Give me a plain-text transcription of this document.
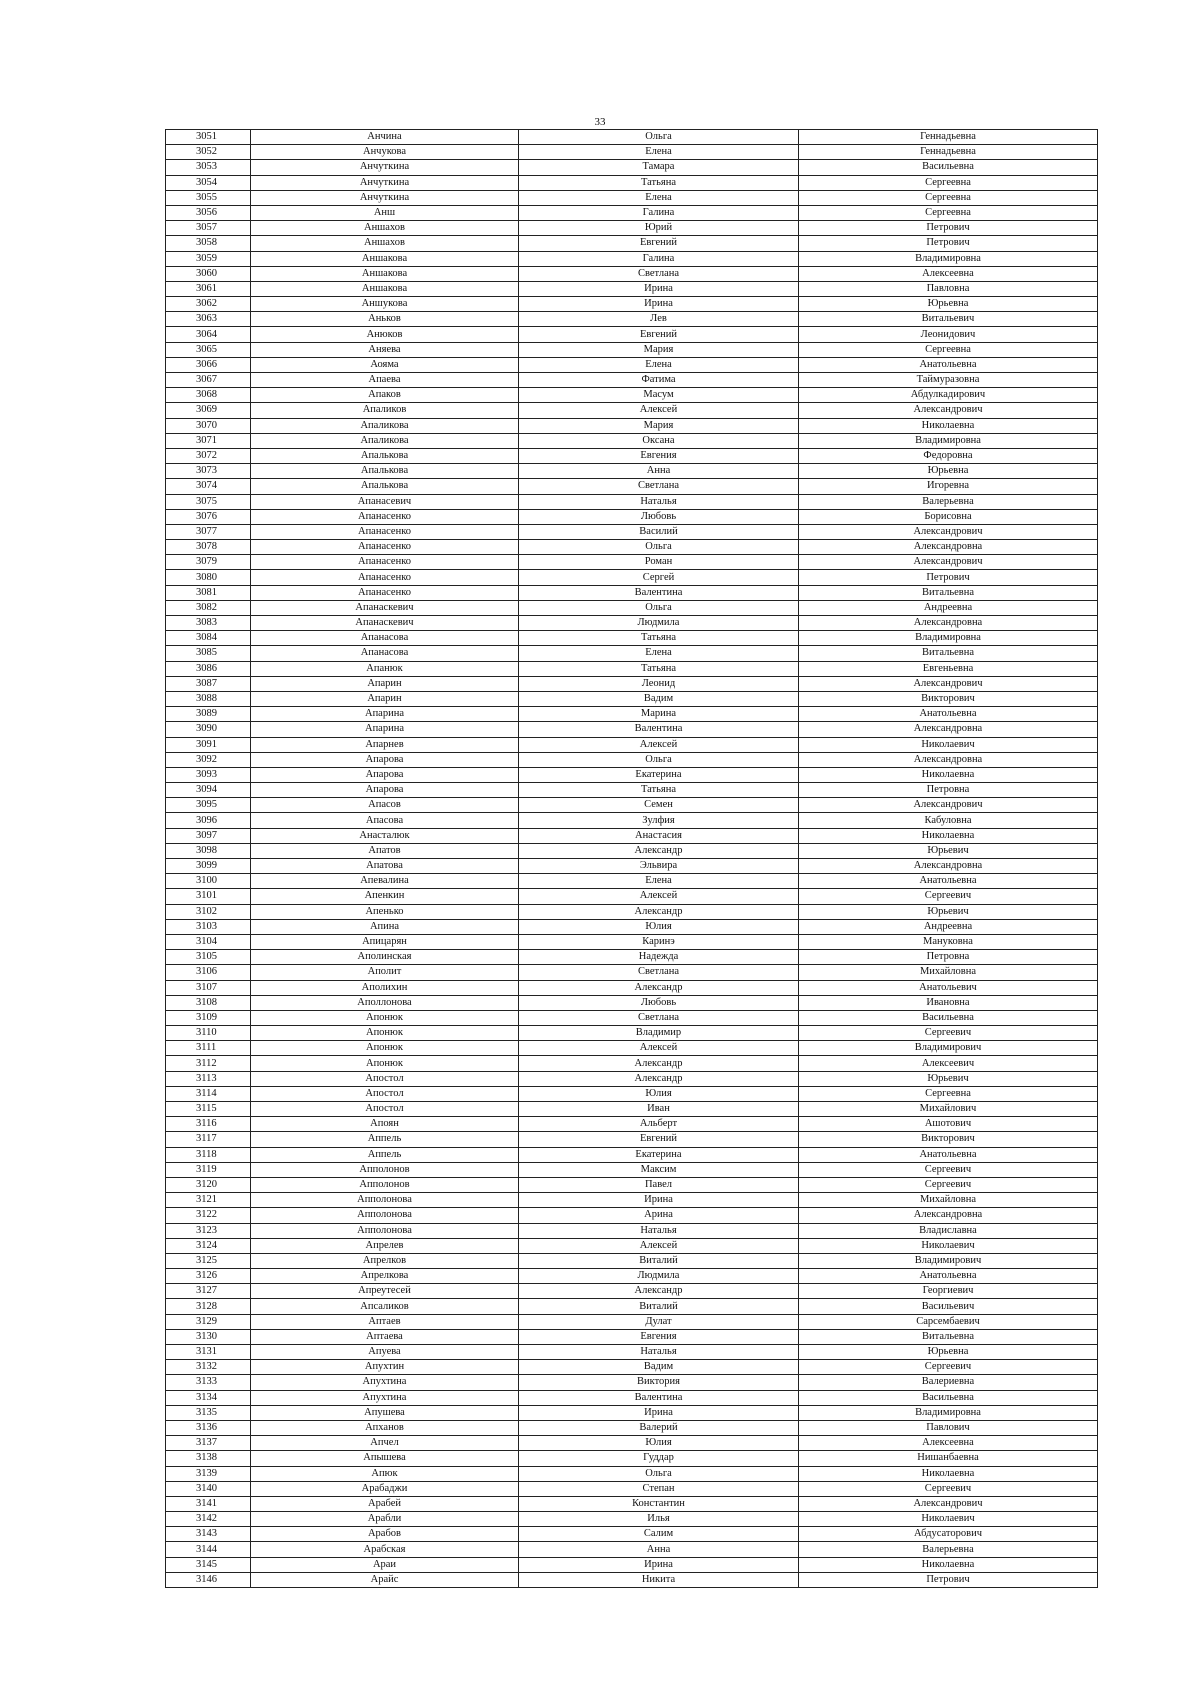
33
3051	Анчина	Ольга	Геннадьевна
3052	Анчукова	Елена	Геннадьевна
3053	Анчуткина	Тамара	Васильевна
3054	Анчуткина	Татьяна	Сергеевна
3055	Анчуткина	Елена	Сергеевна
3056	Анш	Галина	Сергеевна
3057	Аншахов	Юрий	Петрович
3058	Аншахов	Евгений	Петрович
3059	Аншакова	Галина	Владимировна
3060	Аншакова	Светлана	Алексеевна
3061	Аншакова	Ирина	Павловна
3062	Аншукова	Ирина	Юрьевна
3063	Аньков	Лев	Витальевич
3064	Анюков	Евгений	Леонидович
3065	Аняева	Мария	Сергеевна
3066	Аояма	Елена	Анатольевна
3067	Апаева	Фатима	Таймуразовна
3068	Апаков	Масум	Абдулкадирович
3069	Апаликов	Алексей	Александрович
3070	Апаликова	Мария	Николаевна
3071	Апаликова	Оксана	Владимировна
3072	Апалькова	Евгения	Федоровна
3073	Апалькова	Анна	Юрьевна
3074	Апалькова	Светлана	Игоревна
3075	Апанасевич	Наталья	Валерьевна
3076	Апанасенко	Любовь	Борисовна
3077	Апанасенко	Василий	Александрович
3078	Апанасенко	Ольга	Александровна
3079	Апанасенко	Роман	Александрович
3080	Апанасенко	Сергей	Петрович
3081	Апанасенко	Валентина	Витальевна
3082	Апанаскевич	Ольга	Андреевна
3083	Апанаскевич	Людмила	Александровна
3084	Апанасова	Татьяна	Владимировна
3085	Апанасова	Елена	Витальевна
3086	Апанюк	Татьяна	Евгеньевна
3087	Апарин	Леонид	Александрович
3088	Апарин	Вадим	Викторович
3089	Апарина	Марина	Анатольевна
3090	Апарина	Валентина	Александровна
3091	Апарнев	Алексей	Николаевич
3092	Апарова	Ольга	Александровна
3093	Апарова	Екатерина	Николаевна
3094	Апарова	Татьяна	Петровна
3095	Апасов	Семен	Александрович
3096	Апасова	Зулфия	Кабуловна
3097	Анасталюк	Анастасия	Николаевна
3098	Апатов	Александр	Юрьевич
3099	Апатова	Эльвира	Александровна
3100	Апевалина	Елена	Анатольевна
3101	Апенкин	Алексей	Сергеевич
3102	Апенько	Александр	Юрьевич
3103	Апина	Юлия	Андреевна
3104	Апицарян	Каринэ	Мануковна
3105	Аполинская	Надежда	Петровна
3106	Аполит	Светлана	Михайловна
3107	Аполихин	Александр	Анатольевич
3108	Аполлонова	Любовь	Ивановна
3109	Апонюк	Светлана	Васильевна
3110	Апонюк	Владимир	Сергеевич
3111	Апонюк	Алексей	Владимирович
3112	Апонюк	Александр	Алексеевич
3113	Апостол	Александр	Юрьевич
3114	Апостол	Юлия	Сергеевна
3115	Апостол	Иван	Михайлович
3116	Апоян	Альберт	Ашотович
3117	Аппель	Евгений	Викторович
3118	Аппель	Екатерина	Анатольевна
3119	Апполонов	Максим	Сергеевич
3120	Апполонов	Павел	Сергеевич
3121	Апполонова	Ирина	Михайловна
3122	Апполонова	Арина	Александровна
3123	Апполонова	Наталья	Владиславна
3124	Апрелев	Алексей	Николаевич
3125	Апрелков	Виталий	Владимирович
3126	Апрелкова	Людмила	Анатольевна
3127	Апреутесей	Александр	Георгиевич
3128	Апсаликов	Виталий	Васильевич
3129	Аптаев	Дулат	Сарсембаевич
3130	Аптаева	Евгения	Витальевна
3131	Апуева	Наталья	Юрьевна
3132	Апухтин	Вадим	Сергеевич
3133	Апухтина	Виктория	Валериевна
3134	Апухтина	Валентина	Васильевна
3135	Апушева	Ирина	Владимировна
3136	Апханов	Валерий	Павлович
3137	Апчел	Юлия	Алексеевна
3138	Апышева	Гуддар	Нишанбаевна
3139	Апюк	Ольга	Николаевна
3140	Арабаджи	Степан	Сергеевич
3141	Арабей	Константин	Александрович
3142	Арабли	Илья	Николаевич
3143	Арабов	Салим	Абдусаторович
3144	Арабская	Анна	Валерьевна
3145	Араи	Ирина	Николаевна
3146	Арайс	Никита	Петрович
